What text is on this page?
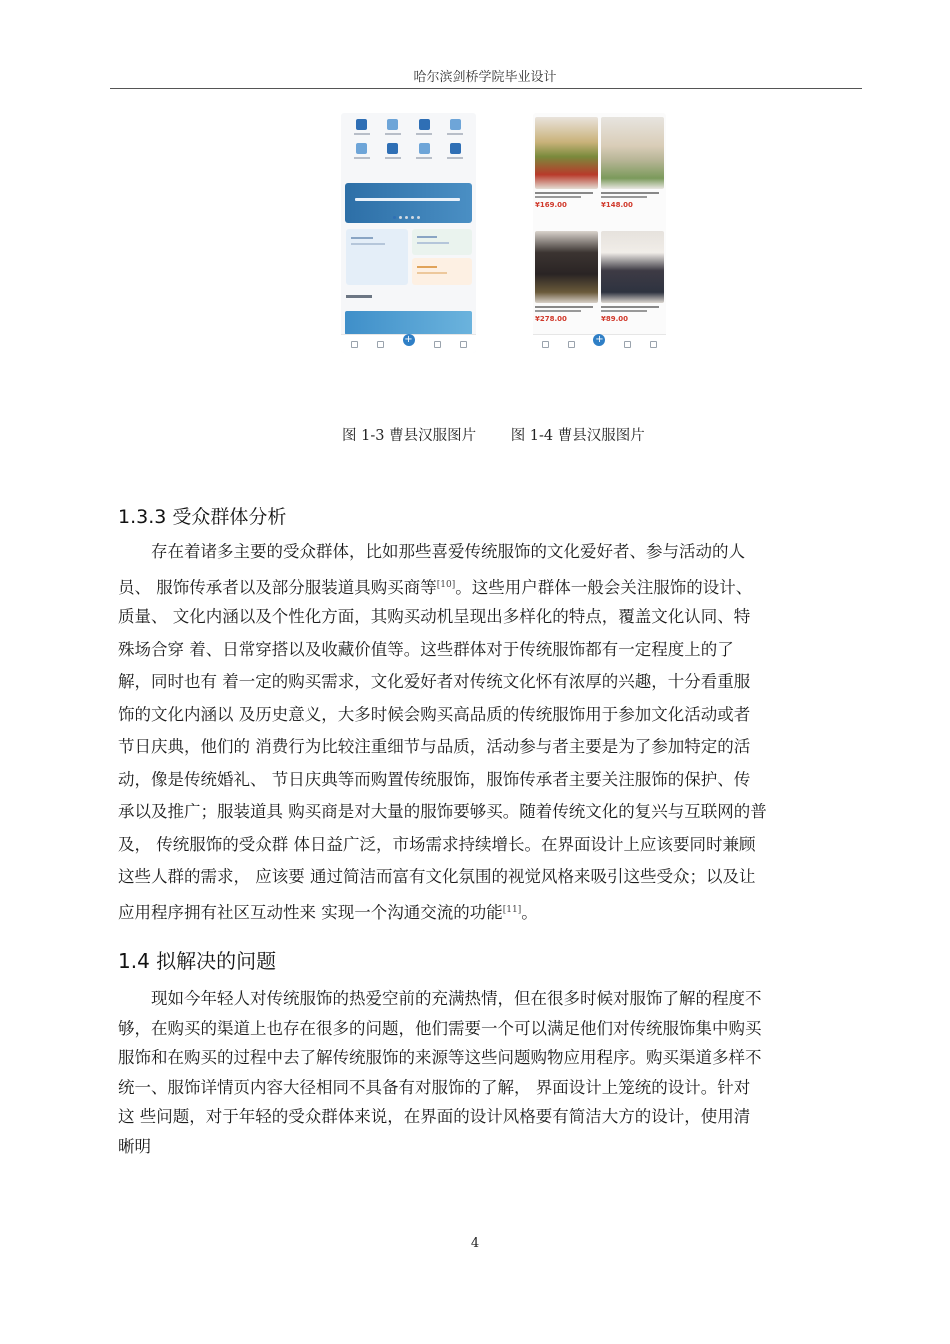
哈尔滨剑桥学院毕业设计
+
¥169.00	¥148.00
¥278.00	¥89.00
+
图 1-3 曹县汉服图片 图 1-4 曹县汉服图片
1.3.3 受众群体分析
　　存在着诸多主要的受众群体，比如那些喜爱传统服饰的文化爱好者、参与活动的人
员、 服饰传承者以及部分服装道具购买商等[10]。这些用户群体一般会关注服饰的设计、
质量、 文化内涵以及个性化方面，其购买动机呈现出多样化的特点，覆盖文化认同、特
殊场合穿 着、日常穿搭以及收藏价值等。这些群体对于传统服饰都有一定程度上的了
解，同时也有 着一定的购买需求，文化爱好者对传统文化怀有浓厚的兴趣，十分看重服
饰的文化内涵以 及历史意义，大多时候会购买高品质的传统服饰用于参加文化活动或者
节日庆典，他们的 消费行为比较注重细节与品质，活动参与者主要是为了参加特定的活
动，像是传统婚礼、 节日庆典等而购置传统服饰，服饰传承者主要关注服饰的保护、传
承以及推广；服装道具 购买商是对大量的服饰要够买。随着传统文化的复兴与互联网的普
及， 传统服饰的受众群 体日益广泛，市场需求持续增长。在界面设计上应该要同时兼顾
这些人群的需求， 应该要 通过简洁而富有文化氛围的视觉风格来吸引这些受众；以及让
应用程序拥有社区互动性来 实现一个沟通交流的功能[11]。
1.4 拟解决的问题
　　现如今年轻人对传统服饰的热爱空前的充满热情，但在很多时候对服饰了解的程度不
够，在购买的渠道上也存在很多的问题，他们需要一个可以满足他们对传统服饰集中购买
服饰和在购买的过程中去了解传统服饰的来源等这些问题购物应用程序。购买渠道多样不
统一、服饰详情页内容大径相同不具备有对服饰的了解， 界面设计上笼统的设计。针对
这 些问题，对于年轻的受众群体来说，在界面的设计风格要有简洁大方的设计，使用清
晰明
4
